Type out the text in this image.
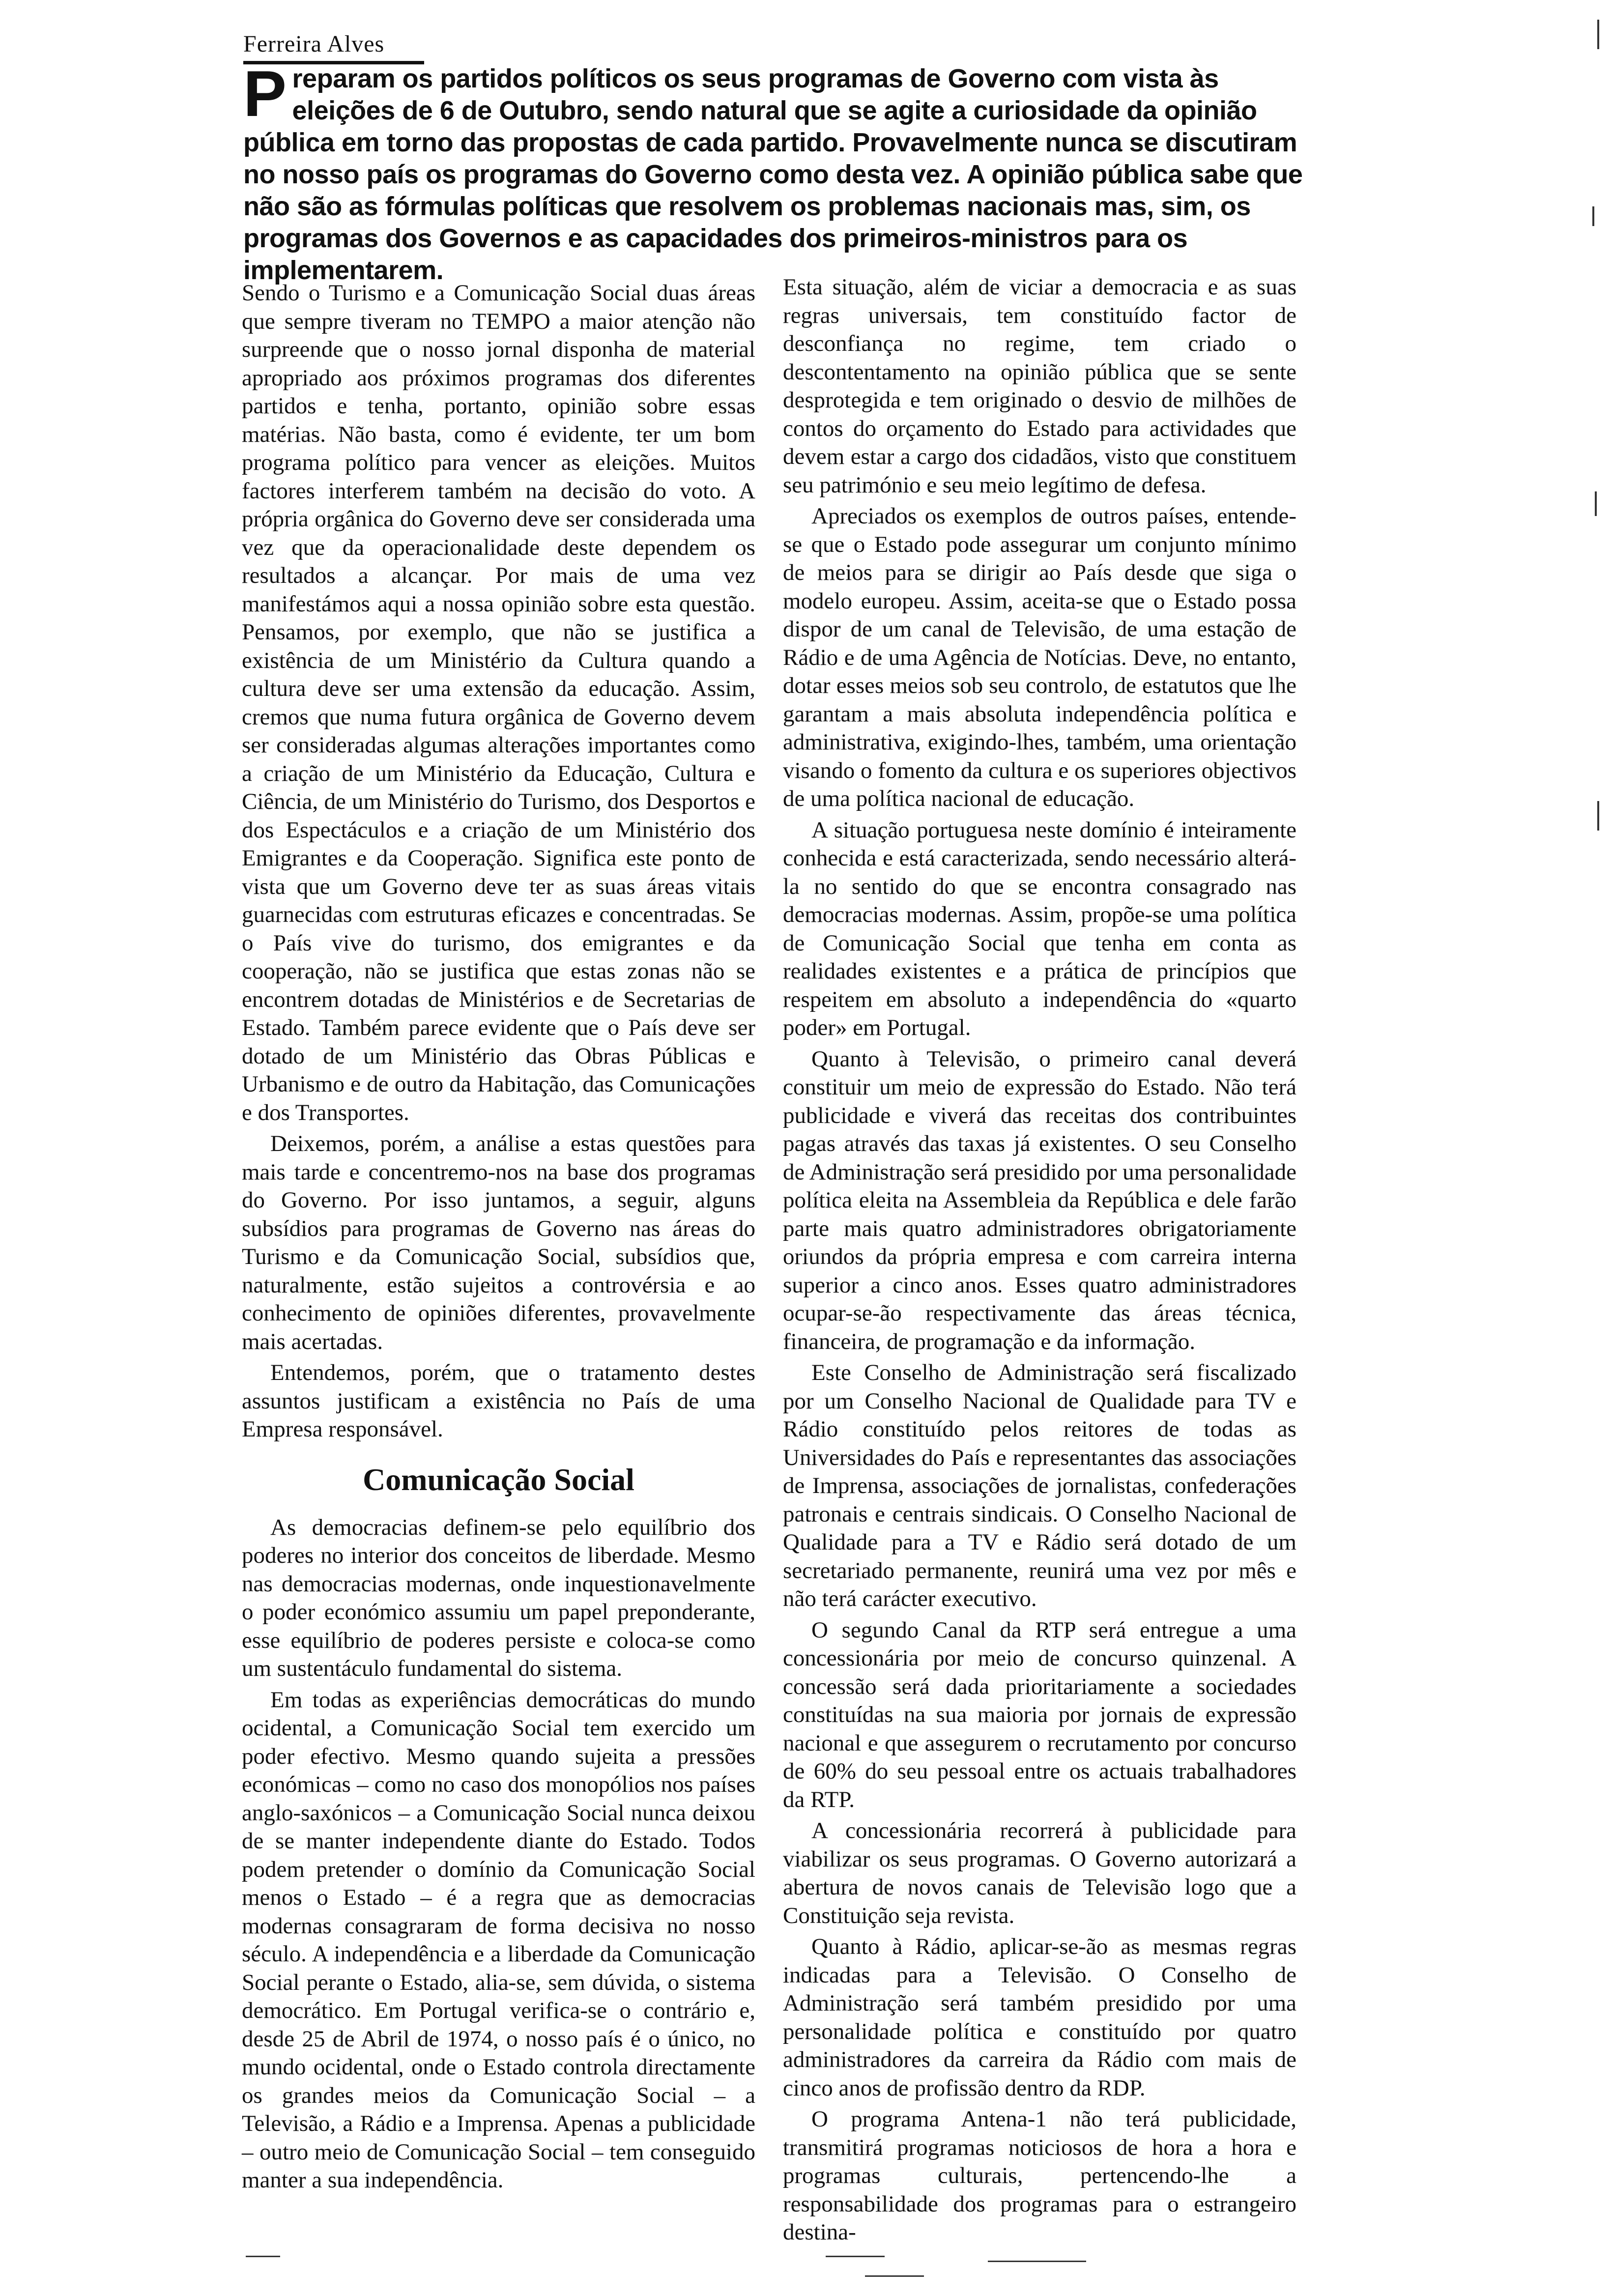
Ferreira Alves
Preparam os partidos políticos os seus programas de Governo com vista às eleições de 6 de Outubro, sendo natural que se agite a curiosidade da opinião pública em torno das propostas de cada partido. Provavelmente nunca se discutiram no nosso país os programas do Governo como desta vez. A opinião pública sabe que não são as fórmulas políticas que resolvem os problemas nacionais mas, sim, os programas dos Governos e as capacidades dos primeiros-ministros para os implementarem.

Sendo o Turismo e a Comunicação Social duas áreas que sempre tiveram no TEMPO a maior atenção não surpreende que o nosso jornal disponha de material apropriado aos próximos programas dos diferentes partidos e tenha, portanto, opinião sobre essas matérias. Não basta, como é evidente, ter um bom programa político para vencer as eleições. Muitos factores interferem também na decisão do voto. A própria orgânica do Governo deve ser considerada uma vez que da operacionalidade deste dependem os resultados a alcançar. Por mais de uma vez manifestámos aqui a nossa opinião sobre esta questão. Pensamos, por exemplo, que não se justifica a existência de um Ministério da Cultura quando a cultura deve ser uma extensão da educação. Assim, cremos que numa futura orgânica de Governo devem ser consideradas algumas alterações importantes como a criação de um Ministério da Educação, Cultura e Ciência, de um Ministério do Turismo, dos Desportos e dos Espectáculos e a criação de um Ministério dos Emigrantes e da Cooperação. Significa este ponto de vista que um Governo deve ter as suas áreas vitais guarnecidas com estruturas eficazes e concentradas. Se o País vive do turismo, dos emigrantes e da cooperação, não se justifica que estas zonas não se encontrem dotadas de Ministérios e de Secretarias de Estado. Também parece evidente que o País deve ser dotado de um Ministério das Obras Públicas e Urbanismo e de outro da Habitação, das Comunicações e dos Transportes.

Deixemos, porém, a análise a estas questões para mais tarde e concentremo-nos na base dos programas do Governo. Por isso juntamos, a seguir, alguns subsídios para programas de Governo nas áreas do Turismo e da Comunicação Social, subsídios que, naturalmente, estão sujeitos a controvérsia e ao conhecimento de opiniões diferentes, provavelmente mais acertadas.

Entendemos, porém, que o tratamento destes assuntos justificam a existência no País de uma Empresa responsável.

Comunicação Social

As democracias definem-se pelo equilíbrio dos poderes no interior dos conceitos de liberdade. Mesmo nas democracias modernas, onde inquestionavelmente o poder económico assumiu um papel preponderante, esse equilíbrio de poderes persiste e coloca-se como um sustentáculo fundamental do sistema.

Em todas as experiências democráticas do mundo ocidental, a Comunicação Social tem exercido um poder efectivo. Mesmo quando sujeita a pressões económicas – como no caso dos monopólios nos países anglo-saxónicos – a Comunicação Social nunca deixou de se manter independente diante do Estado. Todos podem pretender o domínio da Comunicação Social menos o Estado – é a regra que as democracias modernas consagraram de forma decisiva no nosso século. A independência e a liberdade da Comunicação Social perante o Estado, alia-se, sem dúvida, o sistema democrático. Em Portugal verifica-se o contrário e, desde 25 de Abril de 1974, o nosso país é o único, no mundo ocidental, onde o Estado controla directamente os grandes meios da Comunicação Social – a Televisão, a Rádio e a Imprensa. Apenas a publicidade – outro meio de Comunicação Social – tem conseguido manter a sua independência.

Esta situação, além de viciar a democracia e as suas regras universais, tem constituído factor de desconfiança no regime, tem criado o descontentamento na opinião pública que se sente desprotegida e tem originado o desvio de milhões de contos do orçamento do Estado para actividades que devem estar a cargo dos cidadãos, visto que constituem seu património e seu meio legítimo de defesa.

Apreciados os exemplos de outros países, entende-se que o Estado pode assegurar um conjunto mínimo de meios para se dirigir ao País desde que siga o modelo europeu. Assim, aceita-se que o Estado possa dispor de um canal de Televisão, de uma estação de Rádio e de uma Agência de Notícias. Deve, no entanto, dotar esses meios sob seu controlo, de estatutos que lhe garantam a mais absoluta independência política e administrativa, exigindo-lhes, também, uma orientação visando o fomento da cultura e os superiores objectivos de uma política nacional de educação.

A situação portuguesa neste domínio é inteiramente conhecida e está caracterizada, sendo necessário alterá-la no sentido do que se encontra consagrado nas democracias modernas. Assim, propõe-se uma política de Comunicação Social que tenha em conta as realidades existentes e a prática de princípios que respeitem em absoluto a independência do «quarto poder» em Portugal.

Quanto à Televisão, o primeiro canal deverá constituir um meio de expressão do Estado. Não terá publicidade e viverá das receitas dos contribuintes pagas através das taxas já existentes. O seu Conselho de Administração será presidido por uma personalidade política eleita na Assembleia da República e dele farão parte mais quatro administradores obrigatoriamente oriundos da própria empresa e com carreira interna superior a cinco anos. Esses quatro administradores ocupar-se-ão respectivamente das áreas técnica, financeira, de programação e da informação.

Este Conselho de Administração será fiscalizado por um Conselho Nacional de Qualidade para TV e Rádio constituído pelos reitores de todas as Universidades do País e representantes das associações de Imprensa, associações de jornalistas, confederações patronais e centrais sindicais. O Conselho Nacional de Qualidade para a TV e Rádio será dotado de um secretariado permanente, reunirá uma vez por mês e não terá carácter executivo.

O segundo Canal da RTP será entregue a uma concessionária por meio de concurso quinzenal. A concessão será dada prioritariamente a sociedades constituídas na sua maioria por jornais de expressão nacional e que assegurem o recrutamento por concurso de 60% do seu pessoal entre os actuais trabalhadores da RTP.

A concessionária recorrerá à publicidade para viabilizar os seus programas. O Governo autorizará a abertura de novos canais de Televisão logo que a Constituição seja revista.

Quanto à Rádio, aplicar-se-ão as mesmas regras indicadas para a Televisão. O Conselho de Administração será também presidido por uma personalidade política e constituído por quatro administradores da carreira da Rádio com mais de cinco anos de profissão dentro da RDP.

O programa Antena-1 não terá publicidade, transmitirá programas noticiosos de hora a hora e programas culturais, pertencendo-lhe a responsabilidade dos programas para o estrangeiro destina-
